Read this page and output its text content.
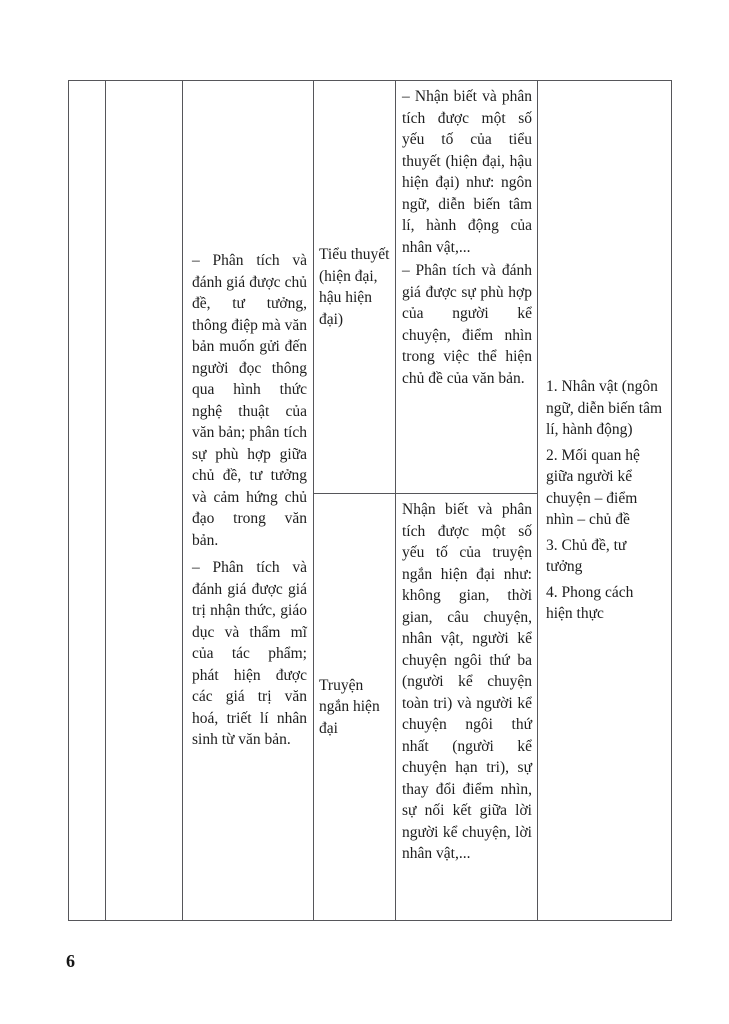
– Phân tích và đánh giá được chủ đề, tư tưởng, thông điệp mà văn bản muốn gửi đến người đọc thông qua hình thức nghệ thuật của văn bản; phân tích sự phù hợp giữa chủ đề, tư tưởng và cảm hứng chủ đạo trong văn bản.

– Phân tích và đánh giá được giá trị nhận thức, giáo dục và thẩm mĩ của tác phẩm; phát hiện được các giá trị văn hoá, triết lí nhân sinh từ văn bản.

Tiểu thuyết (hiện đại, hậu hiện đại)

– Nhận biết và phân tích được một số yếu tố của tiểu thuyết (hiện đại, hậu hiện đại) như: ngôn ngữ, diễn biến tâm lí, hành động của nhân vật,...

– Phân tích và đánh giá được sự phù hợp của người kể chuyện, điểm nhìn trong việc thể hiện chủ đề của văn bản.

Truyện ngắn hiện đại

Nhận biết và phân tích được một số yếu tố của truyện ngắn hiện đại như: không gian, thời gian, câu chuyện, nhân vật, người kể chuyện ngôi thứ ba (người kể chuyện toàn tri) và người kể chuyện ngôi thứ nhất (người kể chuyện hạn tri), sự thay đổi điểm nhìn, sự nối kết giữa lời người kể chuyện, lời nhân vật,...

1. Nhân vật (ngôn ngữ, diễn biến tâm lí, hành động)

2. Mối quan hệ giữa người kể chuyện – điểm nhìn – chủ đề

3. Chủ đề, tư tưởng

4. Phong cách hiện thực

6
